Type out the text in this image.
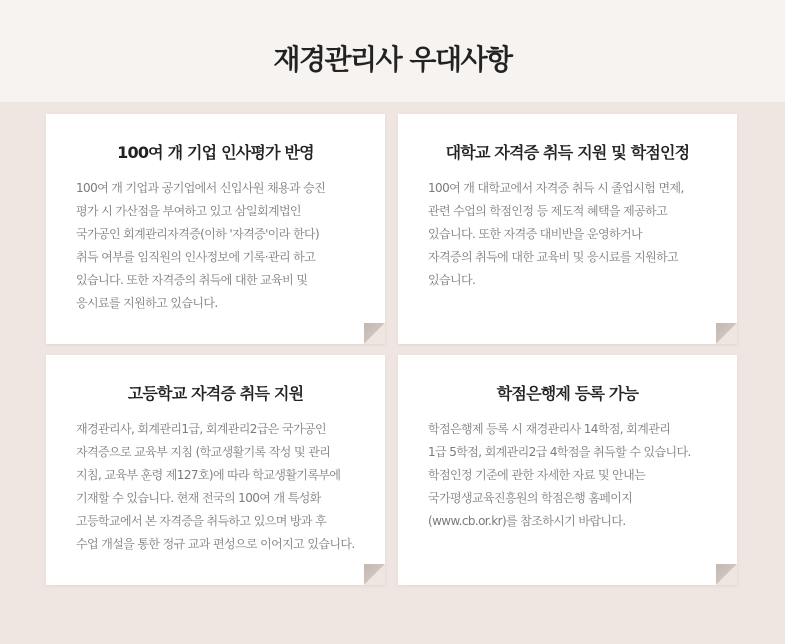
재경관리사 우대사항
100여 개 기업 인사평가 반영

100여 개 기업과 공기업에서 신입사원 채용과 승진
평가 시 가산점을 부여하고 있고 삼일회계법인
국가공인 회계관리자격증(이하 '자격증'이라 한다)
취득 여부를 임직원의 인사정보에 기록·관리 하고
있습니다. 또한 자격증의 취득에 대한 교육비 및
응시료를 지원하고 있습니다.

대학교 자격증 취득 지원 및 학점인정

100여 개 대학교에서 자격증 취득 시 졸업시험 면제,
관련 수업의 학점인정 등 제도적 혜택을 제공하고
있습니다. 또한 자격증 대비반을 운영하거나
자격증의 취득에 대한 교육비 및 응시료를 지원하고
있습니다.

고등학교 자격증 취득 지원

재경관리사, 회계관리1급, 회계관리2급은 국가공인
자격증으로 교육부 지침 (학교생활기록 작성 및 관리
지침, 교육부 훈령 제127호)에 따라 학교생활기록부에
기재할 수 있습니다. 현재 전국의 100여 개 특성화
고등학교에서 본 자격증을 취득하고 있으며 방과 후
수업 개설을 통한 정규 교과 편성으로 이어지고 있습니다.

학점은행제 등록 가능

학점은행제 등록 시 재경관리사 14학점, 회계관리
1급 5학점, 회계관리2급 4학점을 취득할 수 있습니다.
학점인정 기준에 관한 자세한 자료 및 안내는
국가평생교육진흥원의 학점은행 홈페이지
(www.cb.or.kr)를 참조하시기 바랍니다.
